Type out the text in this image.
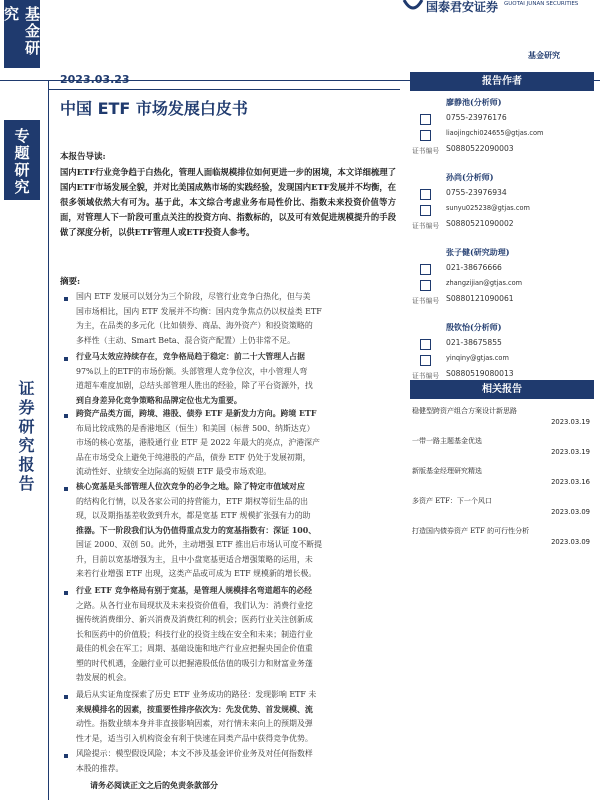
基金研究
专题研究
证券研究报告
国泰君安证券 GUOTAI JUNAN SECURITIES
基金研究
2023.03.23
中国 ETF 市场发展白皮书
本报告导读:
国内ETF行业竞争趋于白热化，管理人面临规模排位如何更进一步的困境，本文详细梳理了国内ETF市场发展全貌，并对比美国成熟市场的实践经验，发现国内ETF发展并不均衡，在很多领域依然大有可为。基于此，本文综合考虑业务布局性价比、指数未来投资价值等方面，对管理人下一阶段可重点关注的投资方向、指数标的，以及可有效促进规模提升的手段做了深度分析，以供ETF管理人或ETF投资人参考。
摘要:
国内 ETF 发展可以划分为三个阶段，尽管行业竞争白热化，但与美
国市场相比，国内 ETF 发展并不均衡：国内竞争焦点仍以权益类 ETF
为主，在品类的多元化（比如债券、商品、海外资产）和投资策略的
多样性（主动、Smart Beta、混合资产配置）上仍非常不足。
行业马太效应持续存在，竞争格局趋于稳定：前二十大管理人占据
97%以上的ETF的市场份额。头部管理人竞争位次，中小管理人弯
道超车难度加剧，总结头部管理人胜出的经验，除了平台资源外，找
到自身差异化竞争策略和品牌定位也尤为重要。
跨资产品类方面，跨境、港股、债券 ETF 是新发力方向。跨境 ETF
布局比较成熟的是香港地区（恒生）和美国（标普 500、纳斯达克）
市场的核心宽基，港股通行业 ETF 是 2022 年最大的亮点，沪港深产
品在市场受众上避免于纯港股的产品，债券 ETF 仍处于发展初期，
流动性好、业绩安全边际高的短债 ETF 最受市场欢迎。
核心宽基是头部管理人位次竞争的必争之地。除了特定市值域对应
的结构化行情，以及各家公司的持营能力，ETF 期权等衍生品的出
现，以及期指基差收敛到升水，都是宽基 ETF 规模扩张强有力的助
推器。下一阶段我们认为仍值得重点发力的宽基指数有：深证 100、
国证 2000、双创 50。此外，主动增强 ETF 推出后市场认可度不断提
升，目前以宽基增强为主，且中小盘宽基更适合增强策略的运用，未
来若行业增强 ETF 出现，这类产品或可成为 ETF 规模新的增长极。
行业 ETF 竞争格局有别于宽基，是管理人规模排名弯道超车的必经
之路。从各行业布局现状及未来投资价值看，我们认为：消费行业挖
掘传统消费细分、新兴消费及消费红利的机会；医药行业关注创新成
长和医药中的价值股；科技行业的投资主线在安全和未来；制造行业
最佳的机会在军工；周期、基础设施和地产行业应把握央国企价值重
塑的时代机遇，金融行业可以把握港股低估值的吸引力和财富业务蓬
勃发展的机会。
最后从实证角度探索了历史 ETF 业务成功的路径：发现影响 ETF 未
来规模排名的因素，按重要性排序依次为：先发优势、首发规模、流
动性。指数业绩本身并非直接影响因素，对行情未来向上的预期及弹
性才是，适当引入机构资金有利于快速在同类产品中获得竞争优势。
风险提示：模型假设风险；本文不涉及基金评价业务及对任何指数样
本股的推荐。
请务必阅读正文之后的免责条款部分
报告作者
廖静池(分析师)
0755-23976176
liaojingchi024655@gtjas.com
证书编号 S0880522090003
孙尚(分析师)
0755-23976934
sunyu025238@gtjas.com
证书编号 S0880521090002
张子健(研究助理)
021-38676666
zhangzijian@gtjas.com
证书编号 S0880121090061
殷钦怡(分析师)
021-38675855
yinqiny@gtjas.com
证书编号 S0880519080013
相关报告
稳健型跨资产组合方案设计新思路
2023.03.19
一带一路主题基金优选
2023.03.19
新版基金经理研究精选
2023.03.16
多资产 ETF：下一个风口
2023.03.09
打造国内债券资产 ETF 的可行性分析
2023.03.09
